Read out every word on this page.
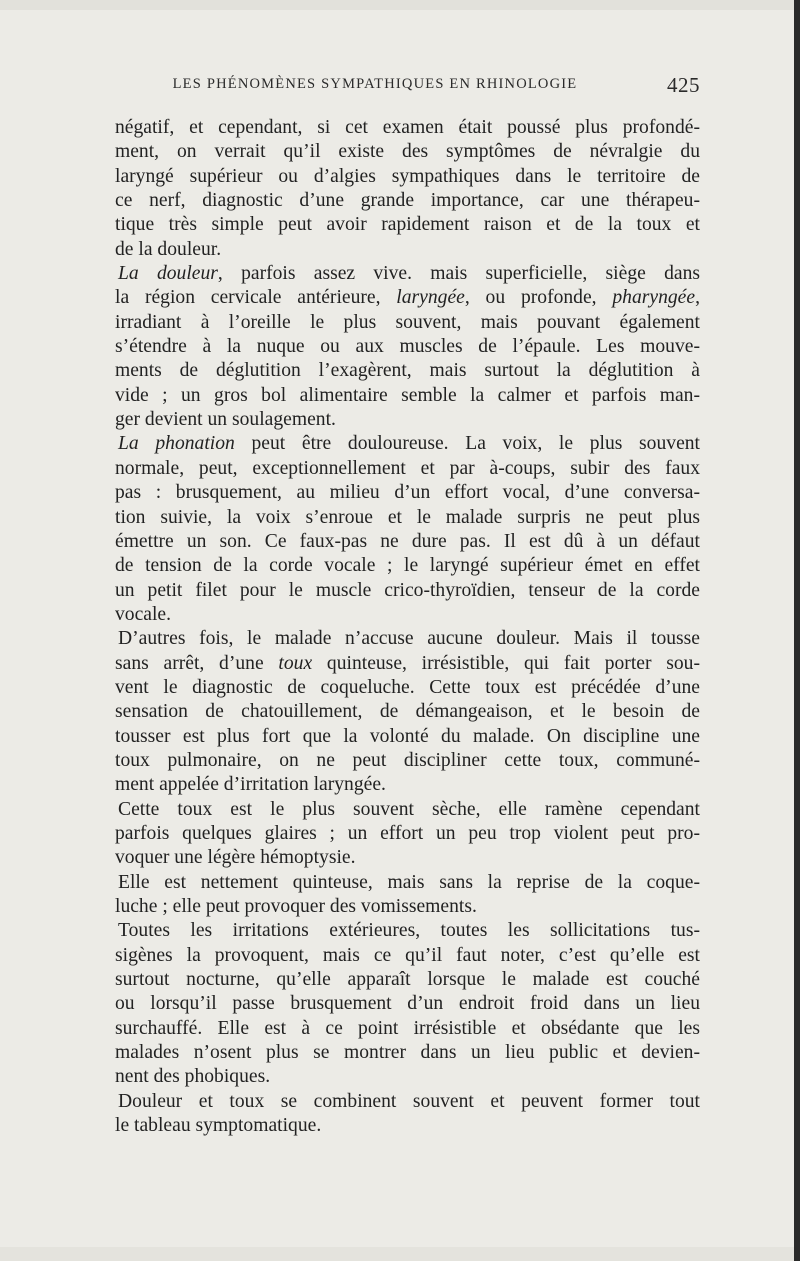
LES PHÉNOMÈNES SYMPATHIQUES EN RHINOLOGIE	425
négatif, et cependant, si cet examen était poussé plus profondé-
ment, on verrait qu’il existe des symptômes de névralgie du
laryngé supérieur ou d’algies sympathiques dans le territoire de
ce nerf, diagnostic d’une grande importance, car une thérapeu-
tique très simple peut avoir rapidement raison et de la toux et
de la douleur.
La douleur, parfois assez vive. mais superficielle, siège dans
la région cervicale antérieure, laryngée, ou profonde, pharyngée,
irradiant à l’oreille le plus souvent, mais pouvant également
s’étendre à la nuque ou aux muscles de l’épaule. Les mouve-
ments de déglutition l’exagèrent, mais surtout la déglutition à
vide ; un gros bol alimentaire semble la calmer et parfois man-
ger devient un soulagement.
La phonation peut être douloureuse. La voix, le plus souvent
normale, peut, exceptionnellement et par à-coups, subir des faux
pas : brusquement, au milieu d’un effort vocal, d’une conversa-
tion suivie, la voix s’enroue et le malade surpris ne peut plus
émettre un son. Ce faux-pas ne dure pas. Il est dû à un défaut
de tension de la corde vocale ; le laryngé supérieur émet en effet
un petit filet pour le muscle crico-thyroïdien, tenseur de la corde
vocale.
D’autres fois, le malade n’accuse aucune douleur. Mais il tousse
sans arrêt, d’une toux quinteuse, irrésistible, qui fait porter sou-
vent le diagnostic de coqueluche. Cette toux est précédée d’une
sensation de chatouillement, de démangeaison, et le besoin de
tousser est plus fort que la volonté du malade. On discipline une
toux pulmonaire, on ne peut discipliner cette toux, communé-
ment appelée d’irritation laryngée.
Cette toux est le plus souvent sèche, elle ramène cependant
parfois quelques glaires ; un effort un peu trop violent peut pro-
voquer une légère hémoptysie.
Elle est nettement quinteuse, mais sans la reprise de la coque-
luche ; elle peut provoquer des vomissements.
Toutes les irritations extérieures, toutes les sollicitations tus-
sigènes la provoquent, mais ce qu’il faut noter, c’est qu’elle est
surtout nocturne, qu’elle apparaît lorsque le malade est couché
ou lorsqu’il passe brusquement d’un endroit froid dans un lieu
surchauffé. Elle est à ce point irrésistible et obsédante que les
malades n’osent plus se montrer dans un lieu public et devien-
nent des phobiques.
Douleur et toux se combinent souvent et peuvent former tout
le tableau symptomatique.
